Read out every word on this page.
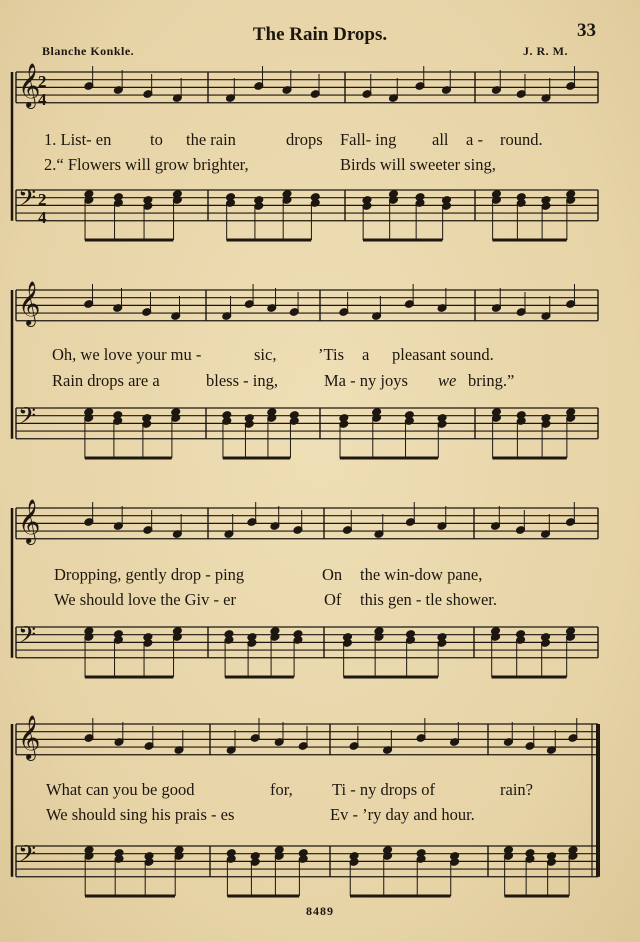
The Rain Drops.	33
Blanche Konkle.	J. R. M.
𝄞
𝄢
𝄞
𝄢
𝄞
𝄢
𝄞
𝄢
2
4
2
4
1. List- en to the rain	drops Fall- ing all a - round.
2.“ Flowers will grow brighter,	Birds will sweeter sing,
Oh, we love your mu -	sic,	’Tis a pleasant sound.
Rain drops are a	bless - ing,	Ma - ny joys we bring.”
Dropping, gently drop - ping	On the win-dow pane,
We should love the Giv - er	Of this gen - tle shower.
What can you be good	for, Ti - ny drops of	rain?
We should sing his prais - es	Ev - ’ry day and hour.
8489
